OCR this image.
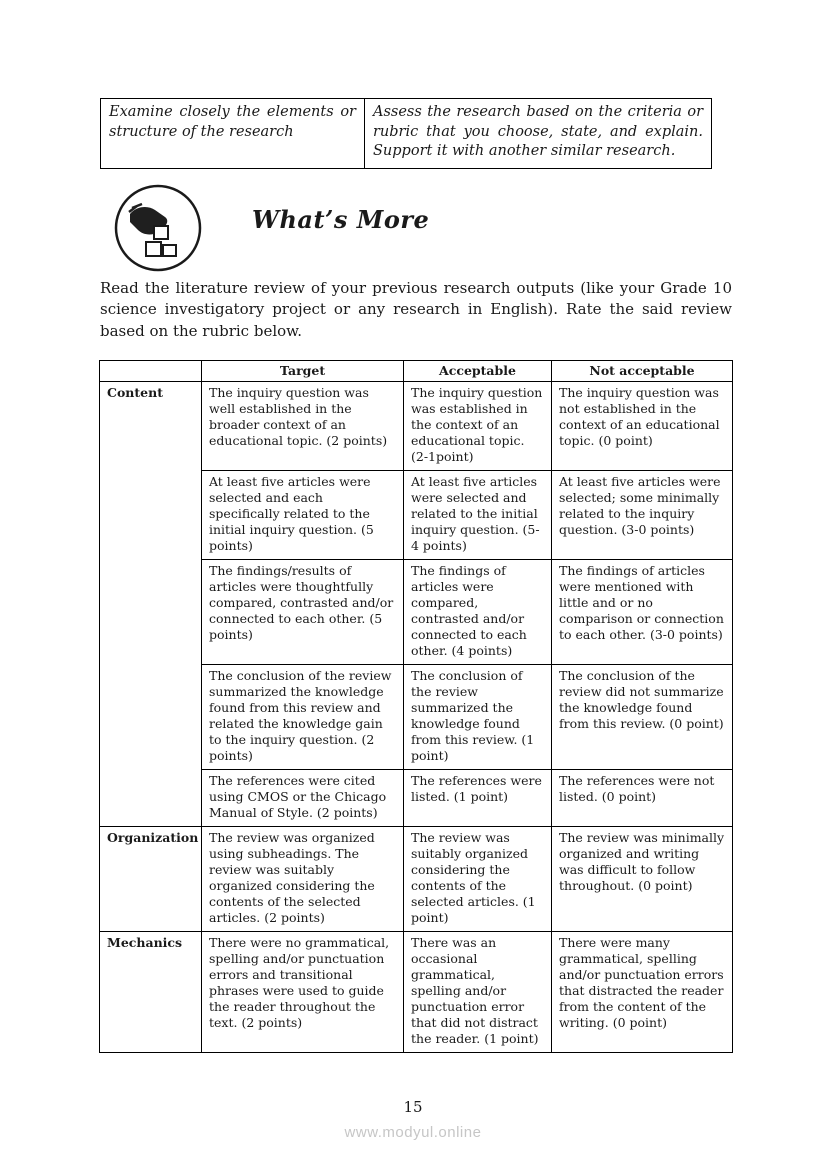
Examine closely the elements or structure of the research	Assess the research based on the criteria or rubric that you choose, state, and explain. Support it with another similar research.
What’s More

Read the literature review of your previous research outputs (like your Grade 10 science investigatory project or any research in English). Rate the said review based on the rubric below.

	Target	Acceptable	Not acceptable
Content	The inquiry question was well established in the broader context of an educational topic. (2 points)	The inquiry question was established in the context of an educational topic. (2-1point)	The inquiry question was not established in the context of an educational topic. (0 point)
	At least five articles were selected and each specifically related to the initial inquiry question. (5 points)	At least five articles were selected and related to the initial inquiry question. (5-4 points)	At least five articles were selected; some minimally related to the inquiry question. (3-0 points)
	The findings/results of articles were thoughtfully compared, contrasted and/or connected to each other. (5 points)	The findings of articles were compared, contrasted and/or connected to each other. (4 points)	The findings of articles were mentioned with little and or no comparison or connection to each other. (3-0 points)
	The conclusion of the review summarized the knowledge found from this review and related the knowledge gain to the inquiry question. (2 points)	The conclusion of the review summarized the knowledge found from this review. (1 point)	The conclusion of the review did not summarize the knowledge found from this review. (0 point)
	The references were cited using CMOS or the Chicago Manual of Style. (2 points)	The references were listed. (1 point)	The references were not listed. (0 point)
Organization	The review was organized using subheadings. The review was suitably organized considering the contents of the selected articles. (2 points)	The review was suitably organized considering the contents of the selected articles. (1 point)	The review was minimally organized and writing was difficult to follow throughout. (0 point)
Mechanics	There were no grammatical, spelling and/or punctuation errors and transitional phrases were used to guide the reader throughout the text. (2 points)	There was an occasional grammatical, spelling and/or punctuation error that did not distract the reader. (1 point)	There were many grammatical, spelling and/or punctuation errors that distracted the reader from the content of the writing. (0 point)
15
www.modyul.online
